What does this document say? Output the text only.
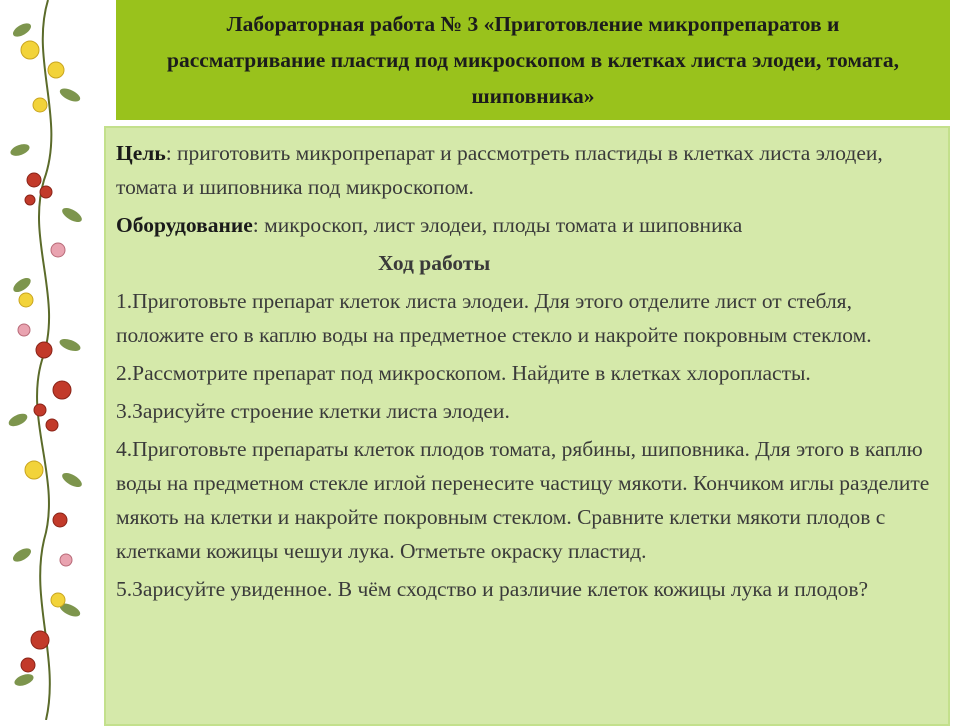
Лабораторная работа № 3 «Приготовление микропрепаратов и рассматривание пластид под микроскопом в клетках листа элодеи, томата, шиповника»

Цель: приготовить микропрепарат и рассмотреть пластиды в клетках листа элодеи, томата и шиповника под микроскопом.

Оборудование: микроскоп, лист элодеи, плоды томата и шиповника

Ход работы

1.Приготовьте препарат клеток листа элодеи. Для этого отделите лист от стебля, положите его в каплю воды на предметное стекло и накройте покровным стеклом.

2.Рассмотрите препарат под микроскопом. Найдите в клетках хлоропласты.

3.Зарисуйте строение клетки листа элодеи.

4.Приготовьте препараты клеток плодов томата, рябины, шиповника. Для этого в каплю воды на предметном стекле иглой перенесите частицу мякоти. Кончиком иглы разделите мякоть на клетки и накройте покровным стеклом. Сравните клетки мякоти плодов с клетками кожицы чешуи лука. Отметьте окраску пластид.

5.Зарисуйте увиденное. В чём сходство и различие клеток кожицы лука и плодов?
